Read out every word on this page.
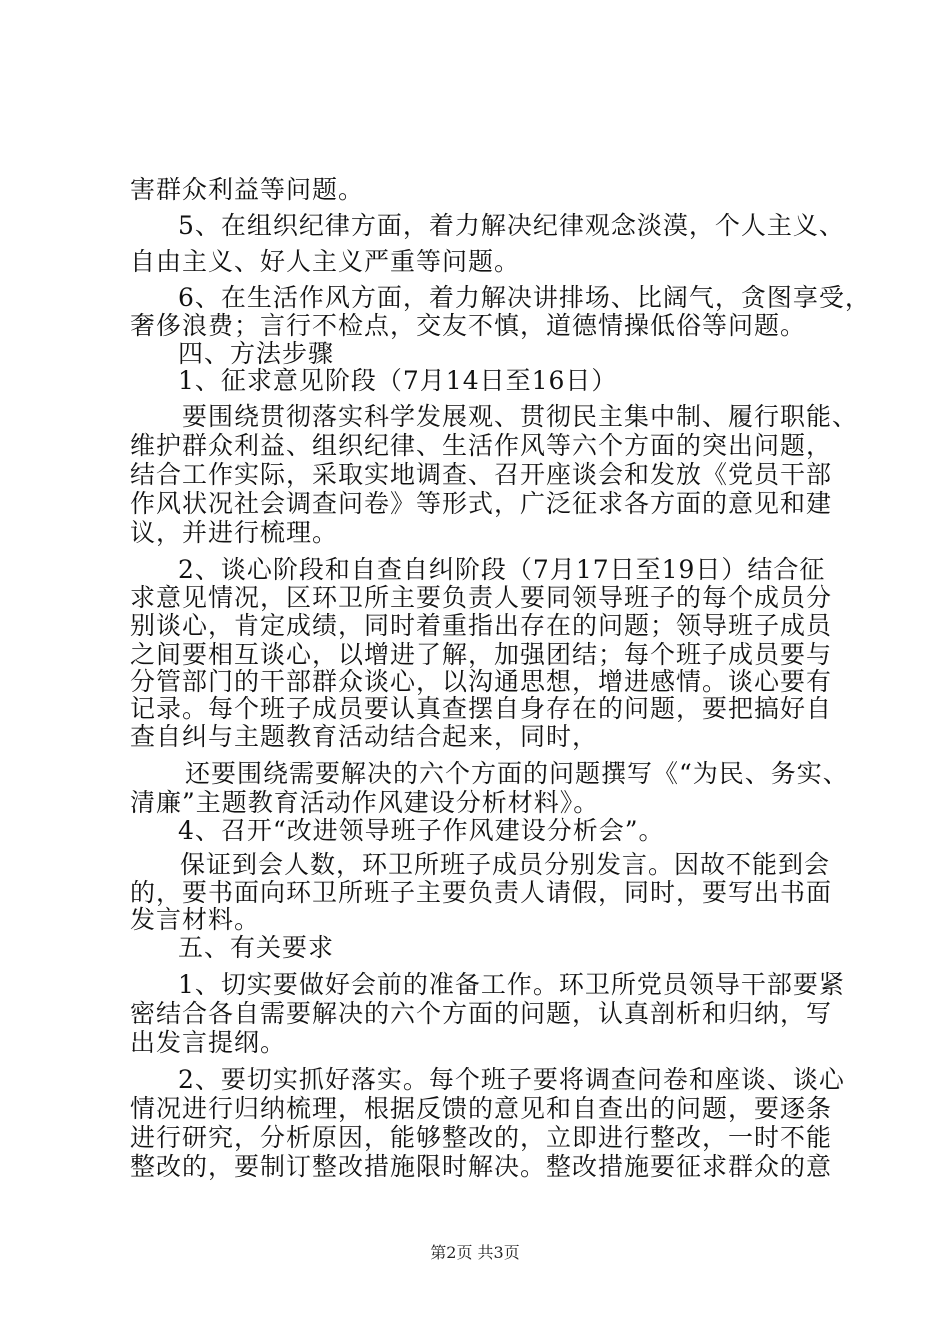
害群众利益等问题。
5、在组织纪律方面，着力解决纪律观念淡漠，个人主义、
自由主义、好人主义严重等问题。
6、在生活作风方面，着力解决讲排场、比阔气，贪图享受，
奢侈浪费；言行不检点，交友不慎，道德情操低俗等问题。
四、方法步骤
1、征求意见阶段（7月14日至16日）
要围绕贯彻落实科学发展观、贯彻民主集中制、履行职能、
维护群众利益、组织纪律、生活作风等六个方面的突出问题，
结合工作实际，采取实地调查、召开座谈会和发放《党员干部
作风状况社会调查问卷》等形式，广泛征求各方面的意见和建
议，并进行梳理。
2、谈心阶段和自查自纠阶段（7月17日至19日）结合征
求意见情况，区环卫所主要负责人要同领导班子的每个成员分
别谈心，肯定成绩，同时着重指出存在的问题；领导班子成员
之间要相互谈心，以增进了解，加强团结；每个班子成员要与
分管部门的干部群众谈心，以沟通思想，增进感情。谈心要有
记录。每个班子成员要认真查摆自身存在的问题，要把搞好自
查自纠与主题教育活动结合起来，同时，
还要围绕需要解决的六个方面的问题撰写《“为民、务实、
清廉”主题教育活动作风建设分析材料》。
4、召开“改进领导班子作风建设分析会”。
保证到会人数，环卫所班子成员分别发言。因故不能到会
的，要书面向环卫所班子主要负责人请假，同时，要写出书面
发言材料。
五、有关要求
1、切实要做好会前的准备工作。环卫所党员领导干部要紧
密结合各自需要解决的六个方面的问题，认真剖析和归纳，写
出发言提纲。
2、要切实抓好落实。每个班子要将调查问卷和座谈、谈心
情况进行归纳梳理，根据反馈的意见和自查出的问题，要逐条
进行研究，分析原因，能够整改的，立即进行整改，一时不能
整改的，要制订整改措施限时解决。整改措施要征求群众的意
第2页 共3页
